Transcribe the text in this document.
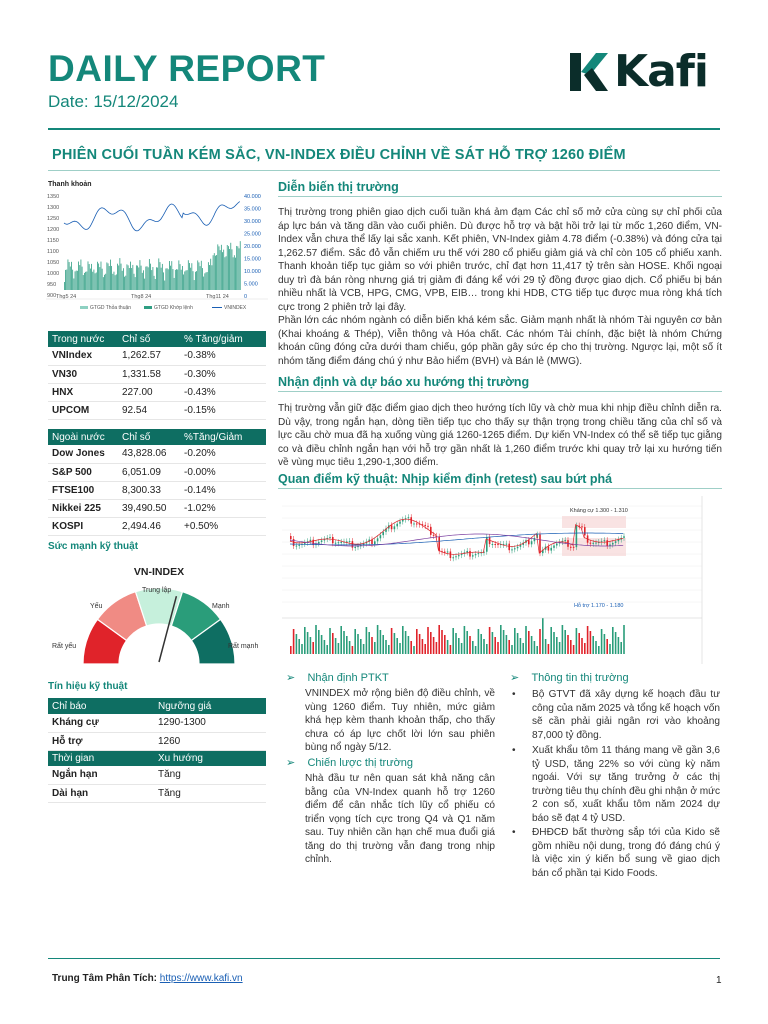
DAILY REPORT
Date: 15/12/2024
Kafi
PHIÊN CUỐI TUẦN KÉM SẮC, VN-INDEX ĐIỀU CHỈNH VỀ SÁT HỖ TRỢ 1260 ĐIỂM
Thanh khoản
1350
1300
1250
1200
1150
1100
1050
1000
950
900
40.000
35.000
30.000
25.000
20.000
15.000
10.000
5.000
0
Thg5 24	Thg8 24	Thg11 24
GTGD Thỏa thuận	GTGD Khớp lệnh	VNINDEX
Trong nước	Chỉ số	% Tăng/giảm
VNIndex	1,262.57	-0.38%
VN30	1,331.58	-0.30%
HNX	227.00	-0.43%
UPCOM	92.54	-0.15%
Ngoài nước	Chỉ số	%Tăng/Giảm
Dow Jones	43,828.06	-0.20%
S&P 500	6,051.09	-0.00%
FTSE100	8,300.33	-0.14%
Nikkei 225	39,490.50	-1.02%
KOSPI	2,494.46	+0.50%
Sức mạnh kỹ thuật
VN-INDEX
Rất yếu
Yếu
Trung lập
Mạnh
Rất mạnh
Tín hiệu kỹ thuật
Chỉ báo	Ngưỡng giá
Kháng cự	1290-1300
Hỗ trợ	1260
Thời gian	Xu hướng
Ngắn hạn	Tăng
Dài hạn	Tăng
Diễn biến thị trường
Thị trường trong phiên giao dịch cuối tuần khá ảm đạm Các chỉ số mở cửa cùng sự chỉ phối của áp lực bán và tăng dần vào cuối phiên. Dù được hỗ trợ và bật hồi trở lại từ mốc 1,260 điểm, VN-Index vẫn chưa thể lấy lại sắc xanh. Kết phiên, VN-Index giảm 4.78 điểm (-0.38%) và đóng cửa tại 1,262.57 điểm. Sắc đỏ vẫn chiếm ưu thế với 280 cổ phiếu giảm giá và chỉ còn 105 cổ phiếu xanh. Thanh khoản tiếp tục giảm so với phiên trước, chỉ đạt hơn 11,417 tỷ trên sàn HOSE. Khối ngoại duy trì đà bán ròng nhưng giá trị giảm đi đáng kể với 29 tỷ đồng được giao dịch. Cổ phiếu bị bán nhiều nhất là VCB, HPG, CMG, VPB, EIB… trong khi HDB, CTG tiếp tục được mua ròng khá tích cực trong 2 phiên trở lại đây.
Phần lớn các nhóm ngành có diễn biến khá kém sắc. Giảm mạnh nhất là nhóm Tài nguyên cơ bản (Khai khoáng & Thép), Viễn thông và Hóa chất. Các nhóm Tài chính, đặc biệt là nhóm Chứng khoán cũng đóng cửa dưới tham chiếu, góp phần gây sức ép cho thị trường. Ngược lại, một số ít nhóm tăng điểm đáng chú ý như Bảo hiểm (BVH) và Bán lẻ (MWG).
Nhận định và dự báo xu hướng thị trường
Thị trường vẫn giữ đặc điểm giao dịch theo hướng tích lũy và chờ mua khi nhịp điều chỉnh diễn ra. Dù vậy, trong ngắn hạn, dòng tiền tiếp tục cho thấy sự thận trọng trong chiều tăng của chỉ số và lực cầu chờ mua đã hạ xuống vùng giá 1260-1265 điểm. Dự kiến VN-Index có thể sẽ tiếp tục giằng co và điều chỉnh ngắn hạn với hỗ trợ gần nhất là 1,260 điểm trước khi quay trở lại xu hướng tiến về vùng mục tiêu 1,290-1,300 điểm.
Quan điểm kỹ thuật: Nhịp kiểm định (retest) sau bứt phá
Kháng cự 1.300 - 1.310
Hỗ trợ 1.170 - 1.180
➢    Nhận định PTKT
VNINDEX mở rộng biên độ điều chỉnh, về vùng 1260 điểm. Tuy nhiên, mức giảm khá hẹp kèm thanh khoản thấp, cho thấy chưa có áp lực chốt lời lớn sau phiên bùng nổ ngày 5/12.
➢    Chiến lược thị trường
Nhà đầu tư nên quan sát khả năng cân bằng của VN-Index quanh hỗ trợ 1260 điểm để cân nhắc tích lũy cổ phiếu có triển vọng tích cực trong Q4 và Q1 năm sau. Tuy nhiên cần hạn chế mua đuổi giá tăng do thị trường vẫn đang trong nhịp chỉnh.
➢    Thông tin thị trường
•	Bộ GTVT đã xây dựng kế hoạch đầu tư công của năm 2025 và tổng kế hoạch vốn sẽ cần phải giải ngân rơi vào khoảng 87,000 tỷ đồng.
•	Xuất khẩu tôm 11 tháng mang về gần 3,6 tỷ USD, tăng 22% so với cùng kỳ năm ngoái. Với sự tăng trưởng ở các thị trường tiêu thụ chính đều ghi nhận ở mức 2 con số, xuất khẩu tôm năm 2024 dự báo sẽ đạt 4 tỷ USD.
•	ĐHĐCĐ bất thường sắp tới của Kido sẽ gồm nhiều nội dung, trong đó đáng chú ý là việc xin ý kiến bổ sung về giao dịch bán cổ phần tại Kido Foods.
Trung Tâm Phân Tích: https://www.kafi.vn	1
